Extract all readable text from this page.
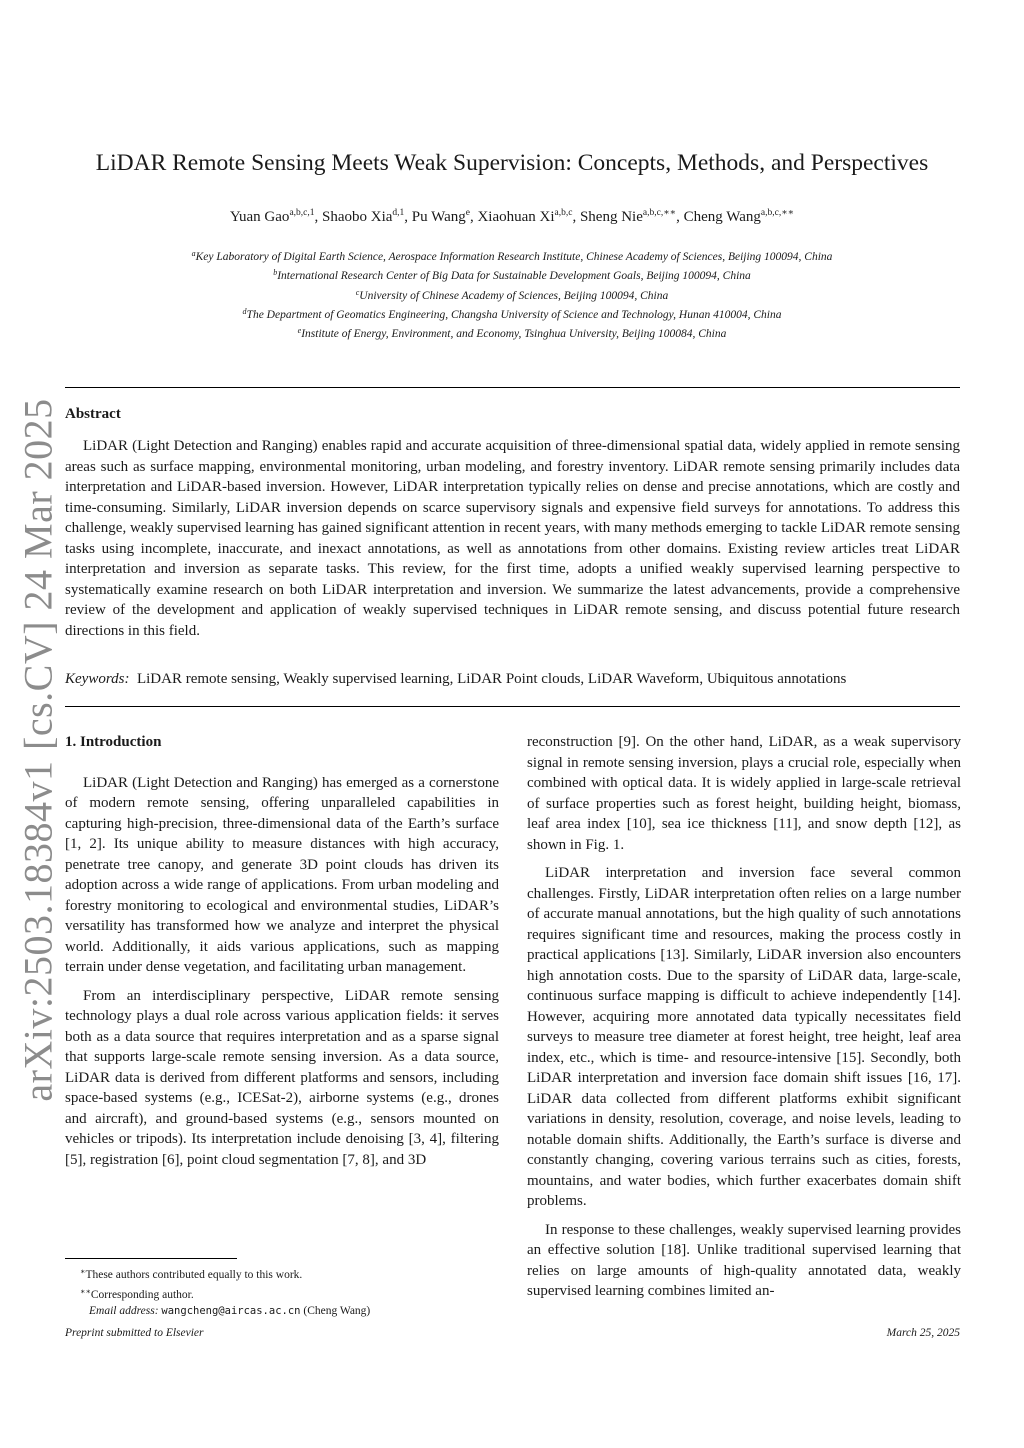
arXiv:2503.18384v1 [cs.CV] 24 Mar 2025
LiDAR Remote Sensing Meets Weak Supervision: Concepts, Methods, and Perspectives
Yuan Gao$^{a,b,c,1}$, Shaobo Xia$^{d,1}$, Pu Wang$^e$, Xiaohuan Xi$^{a,b,c}$, Sheng Nie$^{a,b,c,∗∗}$, Cheng Wang$^{a,b,c,∗∗}$
$^a$Key Laboratory of Digital Earth Science, Aerospace Information Research Institute, Chinese Academy of Sciences, Beijing 100094, China
$^b$International Research Center of Big Data for Sustainable Development Goals, Beijing 100094, China
$^c$University of Chinese Academy of Sciences, Beijing 100094, China
$^d$The Department of Geomatics Engineering, Changsha University of Science and Technology, Hunan 410004, China
$^e$Institute of Energy, Environment, and Economy, Tsinghua University, Beijing 100084, China
Abstract

LiDAR (Light Detection and Ranging) enables rapid and accurate acquisition of three-dimensional spatial data, widely applied in remote sensing areas such as surface mapping, environmental monitoring, urban modeling, and forestry inventory. LiDAR remote sensing primarily includes data interpretation and LiDAR-based inversion. However, LiDAR interpretation typically relies on dense and precise annotations, which are costly and time-consuming. Similarly, LiDAR inversion depends on scarce supervisory signals and expensive field surveys for annotations. To address this challenge, weakly supervised learning has gained significant attention in recent years, with many methods emerging to tackle LiDAR remote sensing tasks using incomplete, inaccurate, and inexact annotations, as well as annotations from other domains. Existing review articles treat LiDAR interpretation and inversion as separate tasks. This review, for the first time, adopts a unified weakly supervised learning perspective to systematically examine research on both LiDAR interpretation and inversion. We summarize the latest advancements, provide a comprehensive review of the development and application of weakly supervised techniques in LiDAR remote sensing, and discuss potential future research directions in this field.

Keywords: LiDAR remote sensing, Weakly supervised learning, LiDAR Point clouds, LiDAR Waveform, Ubiquitous annotations
1. Introduction

LiDAR (Light Detection and Ranging) has emerged as a cornerstone of modern remote sensing, offering unparalleled capabilities in capturing high-precision, three-dimensional data of the Earth’s surface [1, 2]. Its unique ability to measure distances with high accuracy, penetrate tree canopy, and generate 3D point clouds has driven its adoption across a wide range of applications. From urban modeling and forestry monitoring to ecological and environmental studies, LiDAR’s versatility has transformed how we analyze and interpret the physical world. Additionally, it aids various applications, such as mapping terrain under dense vegetation, and facilitating urban management.

From an interdisciplinary perspective, LiDAR remote sensing technology plays a dual role across various application fields: it serves both as a data source that requires interpretation and as a sparse signal that supports large-scale remote sensing inversion. As a data source, LiDAR data is derived from different platforms and sensors, including space-based systems (e.g., ICESat-2), airborne systems (e.g., drones and aircraft), and ground-based systems (e.g., sensors mounted on vehicles or tripods). Its interpretation include denoising [3, 4], filtering [5], registration [6], point cloud segmentation [7, 8], and 3D

reconstruction [9]. On the other hand, LiDAR, as a weak supervisory signal in remote sensing inversion, plays a crucial role, especially when combined with optical data. It is widely applied in large-scale retrieval of surface properties such as forest height, building height, biomass, leaf area index [10], sea ice thickness [11], and snow depth [12], as shown in Fig. 1.

LiDAR interpretation and inversion face several common challenges. Firstly, LiDAR interpretation often relies on a large number of accurate manual annotations, but the high quality of such annotations requires significant time and resources, making the process costly in practical applications [13]. Similarly, LiDAR inversion also encounters high annotation costs. Due to the sparsity of LiDAR data, large-scale, continuous surface mapping is difficult to achieve independently [14]. However, acquiring more annotated data typically necessitates field surveys to measure tree diameter at forest height, tree height, leaf area index, etc., which is time- and resource-intensive [15]. Secondly, both LiDAR interpretation and inversion face domain shift issues [16, 17]. LiDAR data collected from different platforms exhibit significant variations in density, resolution, coverage, and noise levels, leading to notable domain shifts. Additionally, the Earth’s surface is diverse and constantly changing, covering various terrains such as cities, forests, mountains, and water bodies, which further exacerbates domain shift problems.

In response to these challenges, weakly supervised learning provides an effective solution [18]. Unlike traditional supervised learning that relies on large amounts of high-quality annotated data, weakly supervised learning combines limited an-

∗These authors contributed equally to this work.
∗∗Corresponding author.
Email address: wangcheng@aircas.ac.cn (Cheng Wang)
Preprint submitted to Elsevier	March 25, 2025
